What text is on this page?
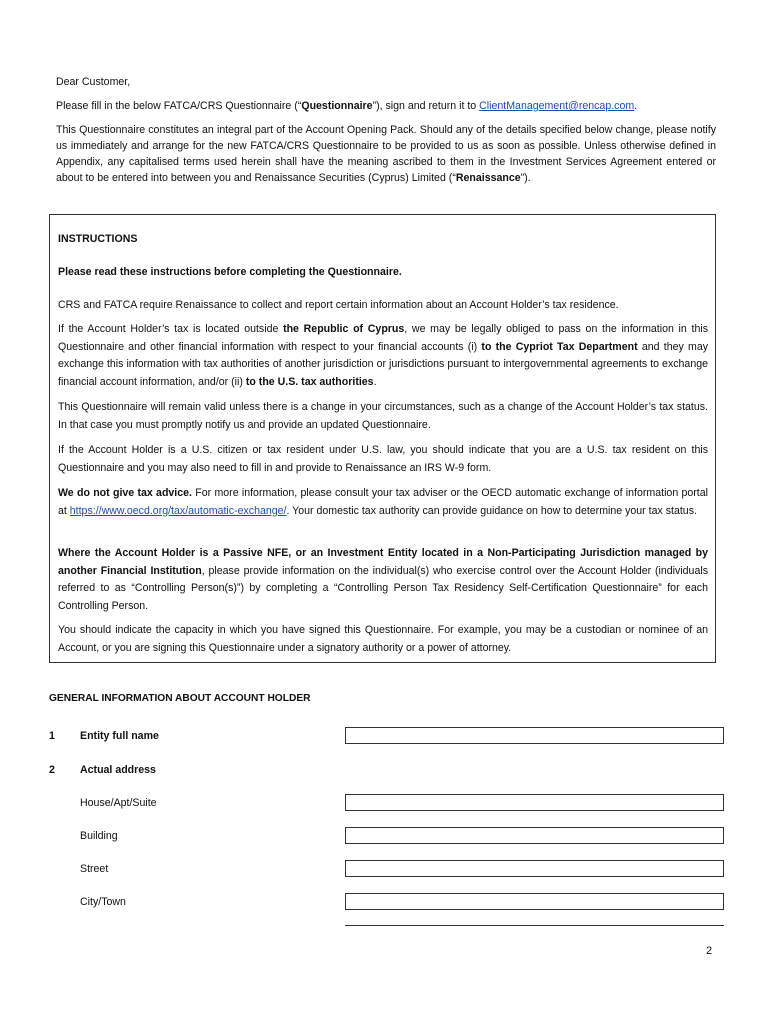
Dear Customer,

Please fill in the below FATCA/CRS Questionnaire (“Questionnaire”), sign and return it to ClientManagement@rencap.com.

This Questionnaire constitutes an integral part of the Account Opening Pack. Should any of the details specified below change, please notify us immediately and arrange for the new FATCA/CRS Questionnaire to be provided to us as soon as possible. Unless otherwise defined in Appendix, any capitalised terms used herein shall have the meaning ascribed to them in the Investment Services Agreement entered or about to be entered into between you and Renaissance Securities (Cyprus) Limited (“Renaissance”).

INSTRUCTIONS

Please read these instructions before completing the Questionnaire.

CRS and FATCA require Renaissance to collect and report certain information about an Account Holder’s tax residence.

If the Account Holder’s tax is located outside the Republic of Cyprus, we may be legally obliged to pass on the information in this Questionnaire and other financial information with respect to your financial accounts (i) to the Cypriot Tax Department and they may exchange this information with tax authorities of another jurisdiction or jurisdictions pursuant to intergovernmental agreements to exchange financial account information, and/or (ii) to the U.S. tax authorities.

This Questionnaire will remain valid unless there is a change in your circumstances, such as a change of the Account Holder’s tax status. In that case you must promptly notify us and provide an updated Questionnaire.

If the Account Holder is a U.S. citizen or tax resident under U.S. law, you should indicate that you are a U.S. tax resident on this Questionnaire and you may also need to fill in and provide to Renaissance an IRS W-9 form.

We do not give tax advice. For more information, please consult your tax adviser or the OECD automatic exchange of information portal at https://www.oecd.org/tax/automatic-exchange/. Your domestic tax authority can provide guidance on how to determine your tax status.

Where the Account Holder is a Passive NFE, or an Investment Entity located in a Non-Participating Jurisdiction managed by another Financial Institution, please provide information on the individual(s) who exercise control over the Account Holder (individuals referred to as “Controlling Person(s)”) by completing a “Controlling Person Tax Residency Self-Certification Questionnaire” for each Controlling Person.

You should indicate the capacity in which you have signed this Questionnaire. For example, you may be a custodian or nominee of an Account, or you are signing this Questionnaire under a signatory authority or a power of attorney.

GENERAL INFORMATION ABOUT ACCOUNT HOLDER
1 Entity full name
2 Actual address
House/Apt/Suite
Building
Street
City/Town
2
